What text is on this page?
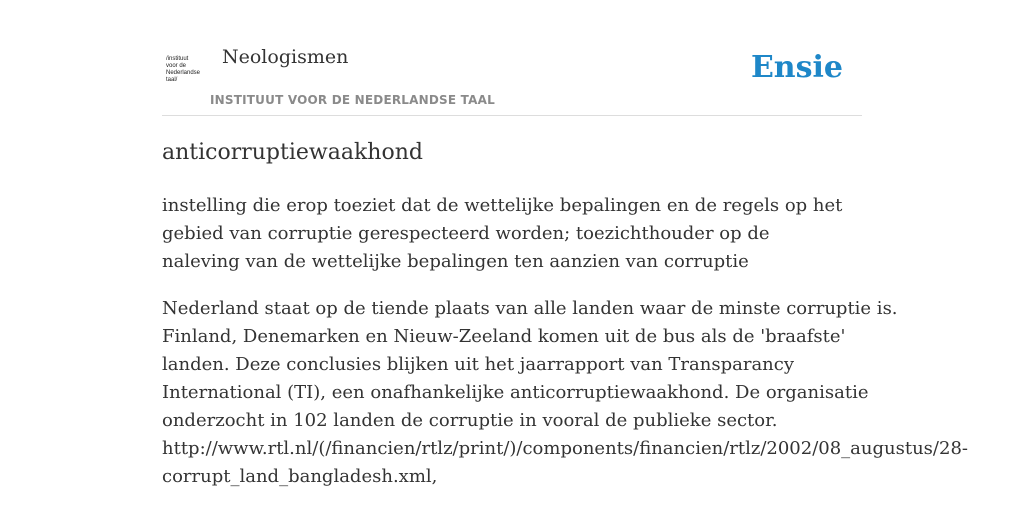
/instituut
voor de
Nederlandse
taal/
Neologismen
INSTITUUT VOOR DE NEDERLANDSE TAAL
Ensie
anticorruptiewaakhond

instelling die erop toeziet dat de wettelijke bepalingen en de regels op het gebied van corruptie gerespecteerd worden; toezichthouder op de naleving van de wettelijke bepalingen ten aanzien van corruptie

Nederland staat op de tiende plaats van alle landen waar de minste corruptie is.
Finland, Denemarken en Nieuw-Zeeland komen uit de bus als de 'braafste'
landen. Deze conclusies blijken uit het jaarrapport van Transparancy
International (TI), een onafhankelijke anticorruptiewaakhond. De organisatie
onderzocht in 102 landen de corruptie in vooral de publieke sector.
http://www.rtl.nl/(/financien/rtlz/print/)/components/financien/rtlz/2002/08_augustus/28-
corrupt_land_bangladesh.xml,
